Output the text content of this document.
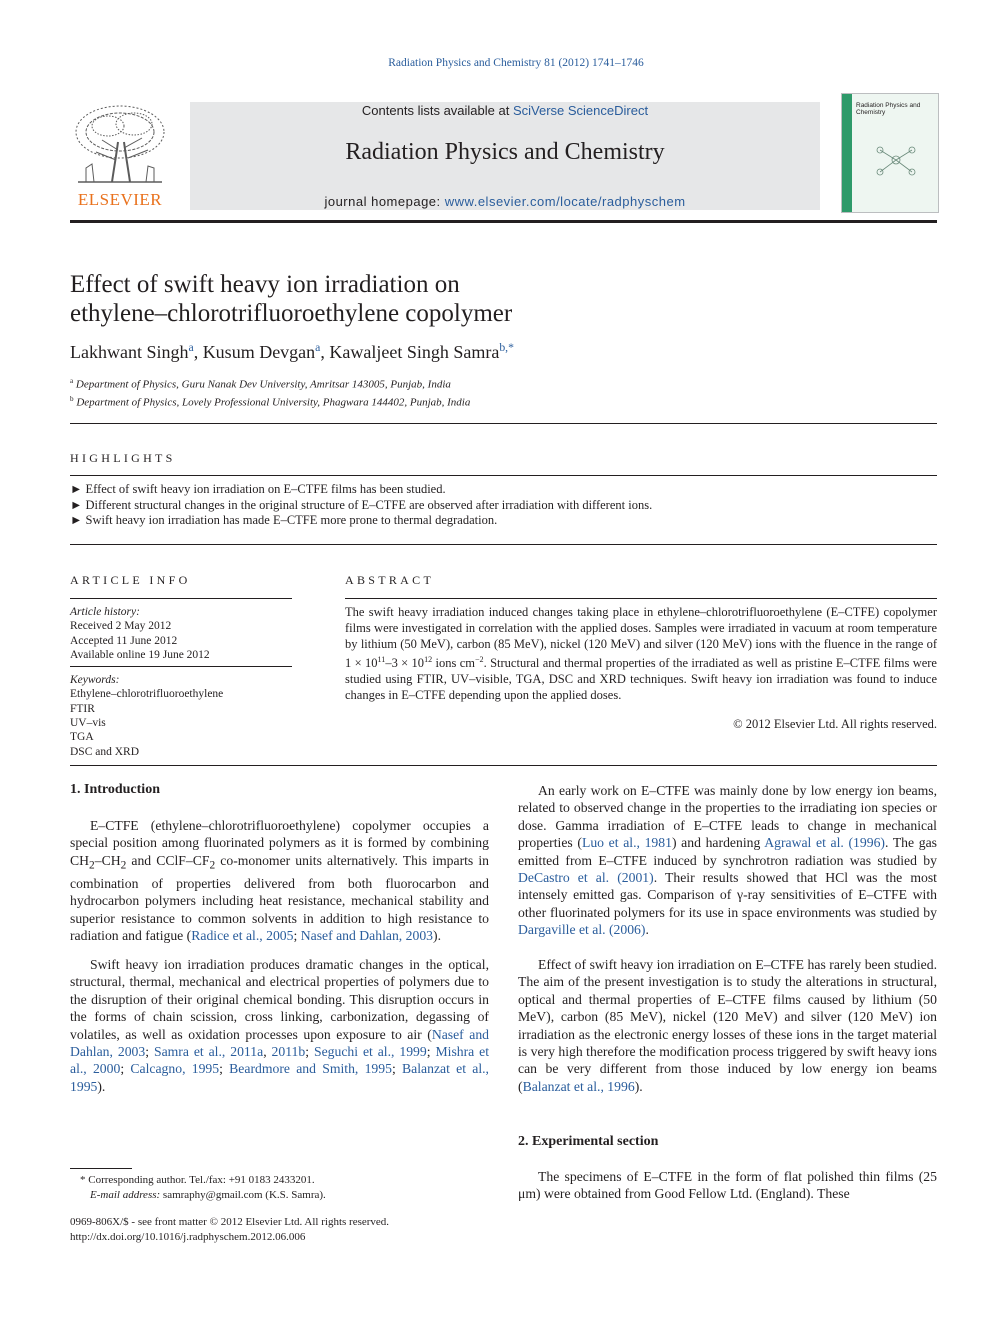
Radiation Physics and Chemistry 81 (2012) 1741–1746
ELSEVIER
Contents lists available at SciVerse ScienceDirect
Radiation Physics and Chemistry
journal homepage: www.elsevier.com/locate/radphyschem
Radiation Physics and Chemistry
Effect of swift heavy ion irradiation on
ethylene–chlorotrifluoroethylene copolymer
Lakhwant Singh$^a$, Kusum Devgan$^a$, Kawaljeet Singh Samra$^{b,*}$
$^a$ Department of Physics, Guru Nanak Dev University, Amritsar 143005, Punjab, India
$^b$ Department of Physics, Lovely Professional University, Phagwara 144402, Punjab, India
HIGHLIGHTS
► Effect of swift heavy ion irradiation on E–CTFE films has been studied.
► Different structural changes in the original structure of E–CTFE are observed after irradiation with different ions.
► Swift heavy ion irradiation has made E–CTFE more prone to thermal degradation.
ARTICLE INFO
Article history:
Received 2 May 2012
Accepted 11 June 2012
Available online 19 June 2012
Keywords:
Ethylene–chlorotrifluoroethylene
FTIR
UV–vis
TGA
DSC and XRD
ABSTRACT
The swift heavy irradiation induced changes taking place in ethylene–chlorotrifluoroethylene (E–CTFE) copolymer films were investigated in correlation with the applied doses. Samples were irradiated in vacuum at room temperature by lithium (50 MeV), carbon (85 MeV), nickel (120 MeV) and silver (120 MeV) ions with the fluence in the range of $1 \times 10^{11}-3 \times 10^{12}$ ions $cm^{-2}$. Structural and thermal properties of the irradiated as well as pristine E–CTFE films were studied using FTIR, UV–visible, TGA, DSC and XRD techniques. Swift heavy ion irradiation was found to induce changes in E–CTFE depending upon the applied doses.
© 2012 Elsevier Ltd. All rights reserved.
1. Introduction

E–CTFE (ethylene–chlorotrifluoroethylene) copolymer occupies a special position among fluorinated polymers as it is formed by combining $CH_2-CH_2$ and CClF–$CF_2$ co-monomer units alternatively. This imparts in combination of properties delivered from both fluorocarbon and hydrocarbon polymers including heat resistance, mechanical stability and superior resistance to common solvents in addition to high resistance to radiation and fatigue (Radice et al., 2005; Nasef and Dahlan, 2003).

Swift heavy ion irradiation produces dramatic changes in the optical, structural, thermal, mechanical and electrical properties of polymers due to the disruption of their original chemical bonding. This disruption occurs in the forms of chain scission, cross linking, carbonization, degassing of volatiles, as well as oxidation processes upon exposure to air (Nasef and Dahlan, 2003; Samra et al., 2011a, 2011b; Seguchi et al., 1999; Mishra et al., 2000; Calcagno, 1995; Beardmore and Smith, 1995; Balanzat et al., 1995).

An early work on E–CTFE was mainly done by low energy ion beams, related to observed change in the properties to the irradiating ion species or dose. Gamma irradiation of E–CTFE leads to change in mechanical properties (Luo et al., 1981) and hardening Agrawal et al. (1996). The gas emitted from E–CTFE induced by synchrotron radiation was studied by DeCastro et al. (2001). Their results showed that HCl was the most intensely emitted gas. Comparison of γ-ray sensitivities of E–CTFE with other fluorinated polymers for its use in space environments was studied by Dargaville et al. (2006).

Effect of swift heavy ion irradiation on E–CTFE has rarely been studied. The aim of the present investigation is to study the alterations in structural, optical and thermal properties of E–CTFE films caused by lithium (50 MeV), carbon (85 MeV), nickel (120 MeV) and silver (120 MeV) ion irradiation as the electronic energy losses of these ions in the target material is very high therefore the modification process triggered by swift heavy ions can be very different from those induced by low energy ion beams (Balanzat et al., 1996).

2. Experimental section

The specimens of E–CTFE in the form of flat polished thin films (25 μm) were obtained from Good Fellow Ltd. (England). These

* Corresponding author. Tel./fax: +91 0183 2433201.
E-mail address: samraphy@gmail.com (K.S. Samra).
0969-806X/$ - see front matter © 2012 Elsevier Ltd. All rights reserved.
http://dx.doi.org/10.1016/j.radphyschem.2012.06.006
